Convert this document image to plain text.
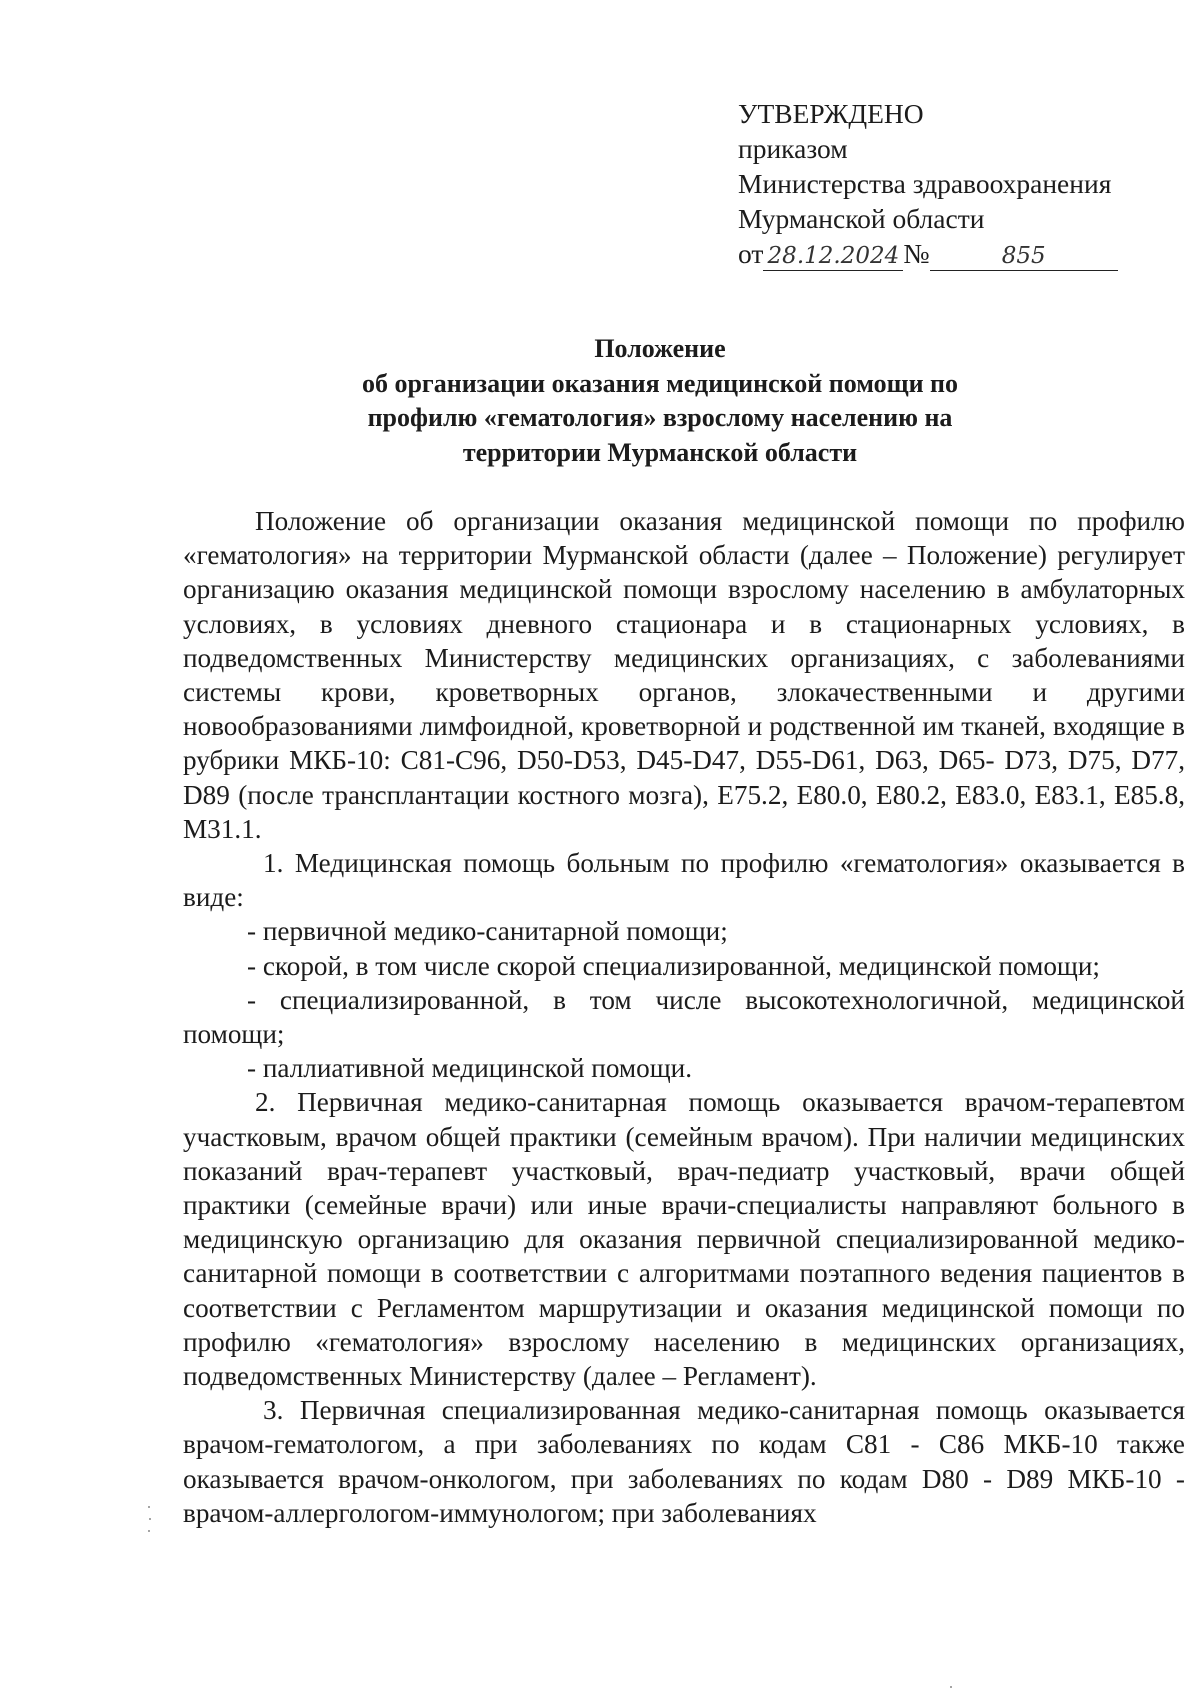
УТВЕРЖДЕНО
приказом
Министерства здравоохранения
Мурманской области
от 28.12.2024 №	855
Положение
об организации оказания медицинской помощи по
профилю «гематология» взрослому населению на
территории Мурманской области

Положение об организации оказания медицинской помощи по профилю «гематология» на территории Мурманской области (далее – Положение) регулирует организацию оказания медицинской помощи взрослому населению в амбулаторных условиях, в условиях дневного стационара и в стационарных условиях, в подведомственных Министерству медицинских организациях, с заболеваниями системы крови, кроветворных органов, злокачественными и другими новообразованиями лимфоидной, кроветворной и родственной им тканей, входящие в рубрики МКБ-10: C81-C96, D50-D53, D45-D47, D55-D61, D63, D65- D73, D75, D77, D89 (после трансплантации костного мозга), E75.2, E80.0, E80.2, E83.0, E83.1, E85.8, M31.1.

1. Медицинская помощь больным по профилю «гематология» оказывается в виде:

- первичной медико-санитарной помощи;

- скорой, в том числе скорой специализированной, медицинской помощи;

- специализированной, в том числе высокотехнологичной, медицинской помощи;

- паллиативной медицинской помощи.

2. Первичная медико-санитарная помощь оказывается врачом-терапевтом участковым, врачом общей практики (семейным врачом). При наличии медицинских показаний врач-терапевт участковый, врач-педиатр участковый, врачи общей практики (семейные врачи) или иные врачи-специалисты направляют больного в медицинскую организацию для оказания первичной специализированной медико-санитарной помощи в соответствии с алгоритмами поэтапного ведения пациентов в соответствии с Регламентом маршрутизации и оказания медицинской помощи по профилю «гематология» взрослому населению в медицинских организациях, подведомственных Министерству (далее – Регламент).

3. Первичная специализированная медико-санитарная помощь оказывается врачом-гематологом, а при заболеваниях по кодам C81 - C86 МКБ-10 также оказывается врачом-онкологом, при заболеваниях по кодам D80 - D89 МКБ-10 - врачом-аллергологом-иммунологом; при заболеваниях
